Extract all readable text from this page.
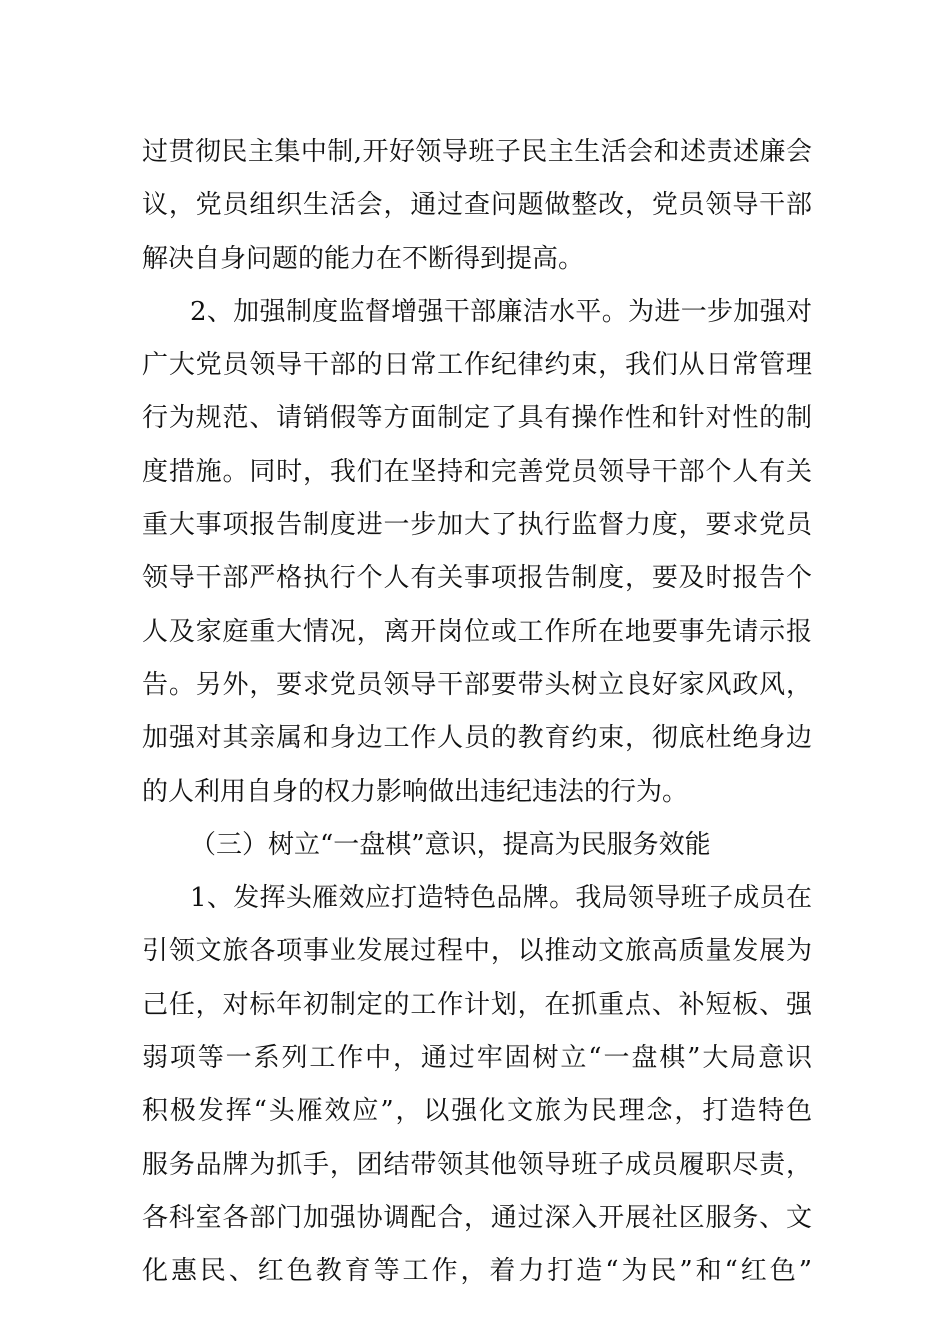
过贯彻民主集中制,开好领导班子民主生活会和述责述廉会
议，党员组织生活会，通过查问题做整改，党员领导干部
解决自身问题的能力在不断得到提高。
2、加强制度监督增强干部廉洁水平。为进一步加强对
广大党员领导干部的日常工作纪律约束，我们从日常管理
行为规范、请销假等方面制定了具有操作性和针对性的制
度措施。同时，我们在坚持和完善党员领导干部个人有关
重大事项报告制度进一步加大了执行监督力度，要求党员
领导干部严格执行个人有关事项报告制度，要及时报告个
人及家庭重大情况，离开岗位或工作所在地要事先请示报
告。另外，要求党员领导干部要带头树立良好家风政风，
加强对其亲属和身边工作人员的教育约束，彻底杜绝身边
的人利用自身的权力影响做出违纪违法的行为。
（三）树立“一盘棋”意识，提高为民服务效能
1、发挥头雁效应打造特色品牌。我局领导班子成员在
引领文旅各项事业发展过程中，以推动文旅高质量发展为
己任，对标年初制定的工作计划，在抓重点、补短板、强
弱项等一系列工作中，通过牢固树立“一盘棋”大局意识
积极发挥“头雁效应”，以强化文旅为民理念，打造特色
服务品牌为抓手，团结带领其他领导班子成员履职尽责，
各科室各部门加强协调配合，通过深入开展社区服务、文
化惠民、红色教育等工作，着力打造“为民”和“红色”
